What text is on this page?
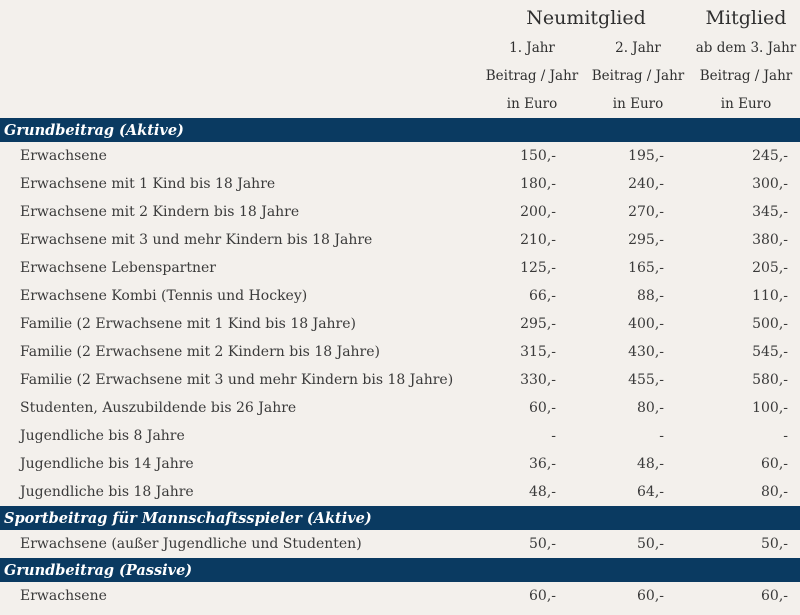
	Neumitglied		Mitglied
	1. Jahr	2. Jahr	ab dem 3. Jahr
	Beitrag / Jahr	Beitrag / Jahr	Beitrag / Jahr
	in Euro	in Euro	in Euro
Grundbeitrag (Aktive)			
Erwachsene	150,-	195,-	245,-
Erwachsene mit 1 Kind bis 18 Jahre	180,-	240,-	300,-
Erwachsene mit 2 Kindern bis 18 Jahre	200,-	270,-	345,-
Erwachsene mit 3 und mehr Kindern bis 18 Jahre	210,-	295,-	380,-
Erwachsene Lebenspartner	125,-	165,-	205,-
Erwachsene Kombi (Tennis und Hockey)	66,-	88,-	110,-
Familie (2 Erwachsene mit 1 Kind bis 18 Jahre)	295,-	400,-	500,-
Familie (2 Erwachsene mit 2 Kindern bis 18 Jahre)	315,-	430,-	545,-
Familie (2 Erwachsene mit 3 und mehr Kindern bis 18 Jahre)	330,-	455,-	580,-
Studenten, Auszubildende bis 26 Jahre	60,-	80,-	100,-
Jugendliche bis 8 Jahre	-	-	-
Jugendliche bis 14 Jahre	36,-	48,-	60,-
Jugendliche bis 18 Jahre	48,-	64,-	80,-
Sportbeitrag für Mannschaftsspieler (Aktive)			
Erwachsene (außer Jugendliche und Studenten)	50,-	50,-	50,-
Grundbeitrag (Passive)			
Erwachsene	60,-	60,-	60,-
